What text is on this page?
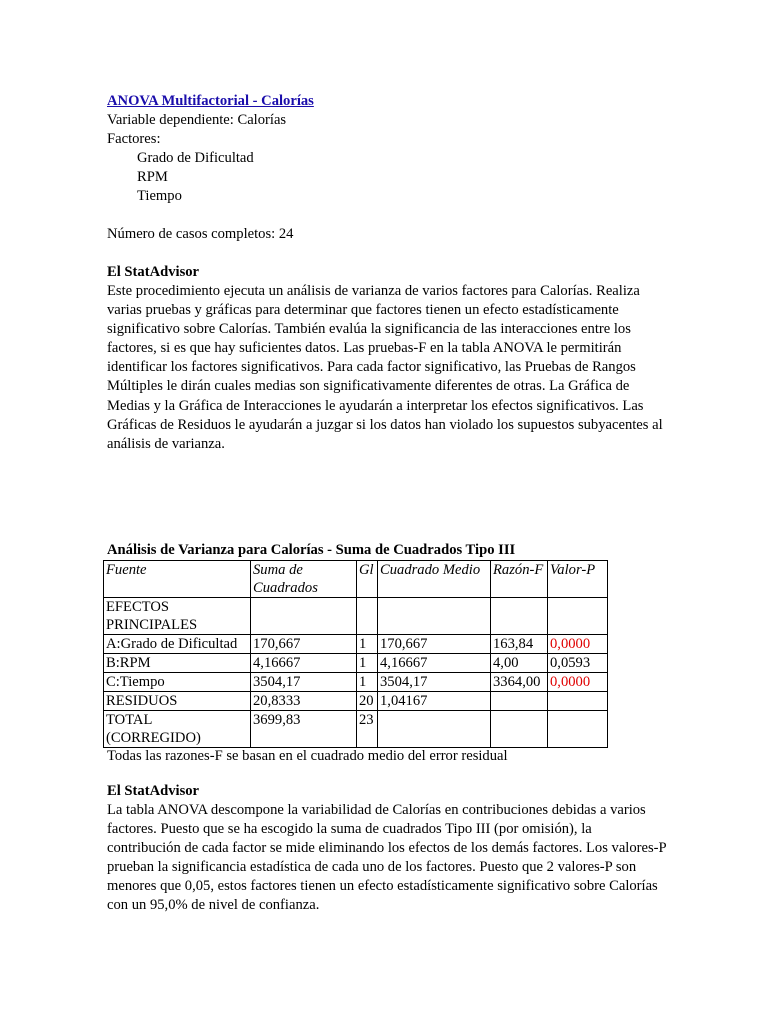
ANOVA Multifactorial - Calorías
Variable dependiente: Calorías
Factores:
Grado de Dificultad
RPM
Tiempo
Número de casos completos: 24
El StatAdvisor

Este procedimiento ejecuta un análisis de varianza de varios factores para Calorías. Realiza varias pruebas y gráficas para determinar que factores tienen un efecto estadísticamente significativo sobre Calorías. También evalúa la significancia de las interacciones entre los factores, si es que hay suficientes datos. Las pruebas-F en la tabla ANOVA le permitirán identificar los factores significativos. Para cada factor significativo, las Pruebas de Rangos Múltiples le dirán cuales medias son significativamente diferentes de otras. La Gráfica de Medias y la Gráfica de Interacciones le ayudarán a interpretar los efectos significativos. Las Gráficas de Residuos le ayudarán a juzgar si los datos han violado los supuestos subyacentes al análisis de varianza.

Análisis de Varianza para Calorías - Suma de Cuadrados Tipo III
Fuente	Suma de Cuadrados	Gl	Cuadrado Medio	Razón-F	Valor-P
EFECTOS PRINCIPALES					
A:Grado de Dificultad	170,667	1	170,667	163,84	0,0000
B:RPM	4,16667	1	4,16667	4,00	0,0593
C:Tiempo	3504,17	1	3504,17	3364,00	0,0000
RESIDUOS	20,8333	20	1,04167		
TOTAL (CORREGIDO)	3699,83	23			
Todas las razones-F se basan en el cuadrado medio del error residual
El StatAdvisor

La tabla ANOVA descompone la variabilidad de Calorías en contribuciones debidas a varios factores. Puesto que se ha escogido la suma de cuadrados Tipo III (por omisión), la contribución de cada factor se mide eliminando los efectos de los demás factores. Los valores-P prueban la significancia estadística de cada uno de los factores. Puesto que 2 valores-P son menores que 0,05, estos factores tienen un efecto estadísticamente significativo sobre Calorías con un 95,0% de nivel de confianza.
